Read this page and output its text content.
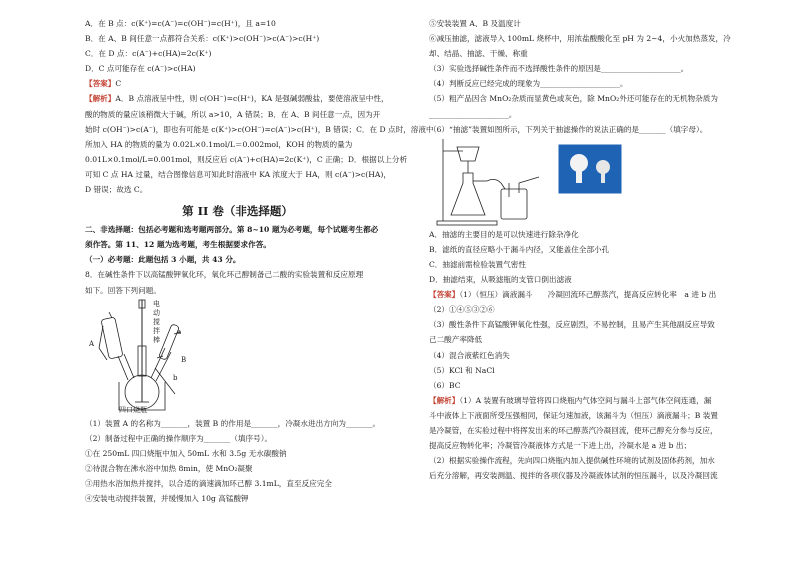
A．在 B 点：c(K⁺)=c(A⁻)=c(OH⁻)=c(H⁺)，且 a=10
B．在 A、B 间任意一点都符合关系：c(K⁺)>c(OH⁻)>c(A⁻)>c(H⁺)
C．在 D 点：c(A⁻)+c(HA)=2c(K⁺)
D．C 点可能存在 c(A⁻)>c(HA)
【答案】C
【解析】A．B 点溶液呈中性，则 c(OH⁻)=c(H⁺)，KA 是强碱弱酸盐，要使溶液呈中性，
酸的物质的量应该稍微大于碱，所以 a>10，A 错误；B．在 A、B 间任意一点，因为开
始时 c(OH⁻)>c(A⁻)，即也有可能是 c(K⁺)>c(OH⁻)=c(A⁻)>c(H⁺)，B 错误；C．在 D 点时，溶液中
所加入 HA 的物质的量为 0.02L×0.1mol/L＝0.002mol，KOH 的物质的量为
0.01L×0.1mol/L=0.001mol，则反应后 c(A⁻)+c(HA)=2c(K⁺)，C 正确；D．根据以上分析
可知 C 点 HA 过量，结合图像信息可知此时溶液中 KA 浓度大于 HA，则 c(A⁻)>c(HA)，
D 错误；故选 C。
第 II 卷（非选择题）
二、非选择题：包括必考题和选考题两部分。第 8~10 题为必考题，每个试题考生都必
须作答。第 11、12 题为选考题，考生根据要求作答。
（一）必考题：此题包括 3 小题，共 43 分。
8．在碱性条件下以高锰酸钾氧化环，氧化环己醇制备己二酸的实验装置和反应原理
如下。回答下列问题。
A
B
电动搅拌棒
a
b
四口烧瓶
（1）装置 A 的名称为_______，装置 B 的作用是_______，冷凝水进出方向为_______。
（2）制备过程中正确的操作顺序为_______（填序号）。
①在 250mL 四口烧瓶中加入 50mL 水和 3.5g 无水碳酸钠
②待混合物在沸水浴中加热 8min，使 MnO₂凝聚
③用热水浴加热并搅拌，以合适的滴速滴加环己醇 3.1mL，直至反应完全
④安装电动搅拌装置，并缓慢加入 10g 高锰酸钾
⑤安装装置 A、B 及温度计
⑥减压抽滤，滤液导入 100mL 烧杯中，用浓盐酸酸化至 pH 为 2~4，小火加热蒸发，冷
却、结晶、抽滤、干燥、称重
（3）实验选择碱性条件而不选择酸性条件的原因是_____________________。
（4）判断反应已经完成的现象为_____________________。
（5）粗产品因含 MnO₂杂质而显黄色或灰色，除 MnO₂外还可能存在的无机物杂质为
_____________________。
（6）“抽滤”装置如图所示，下列关于抽滤操作的说法正确的是_______（填字母）。
A．抽滤的主要目的是可以快速进行除杂净化
B．滤纸的直径应略小于漏斗内径，又能盖住全部小孔
C．抽滤前需检验装置气密性
D．抽滤结束，从吸滤瓶的支管口倒出滤液
【答案】（1）（恒压）滴液漏斗　　冷凝回流环己醇蒸汽，提高反应转化率　a 进 b 出
（2）①④⑤③②⑥
（3）酸性条件下高锰酸钾氧化性强，反应剧烈，不易控制，且易产生其他副反应导致
己二酸产率降低
（4）混合液紫红色消失
（5）KCl 和 NaCl
（6）BC
【解析】（1）A 装置有玻璃导管将四口烧瓶内气体空间与漏斗上部气体空间连通，漏
斗中液体上下液面所受压强相同，保证匀速加液，该漏斗为（恒压）滴液漏斗；B 装置
是冷凝管，在实验过程中将挥发出来的环己醇蒸汽冷凝回流，使环己醇充分参与反应，
提高反应物转化率；冷凝管冷凝液体方式是一下进上出，冷凝水是 a 进 b 出；
（2）根据实验操作流程，先向四口烧瓶内加入提供碱性环境的试剂及固体药剂，加水
后充分溶解，再安装测温、搅拌的各项仪器及冷凝液体试剂的恒压漏斗，以及冷凝回流
